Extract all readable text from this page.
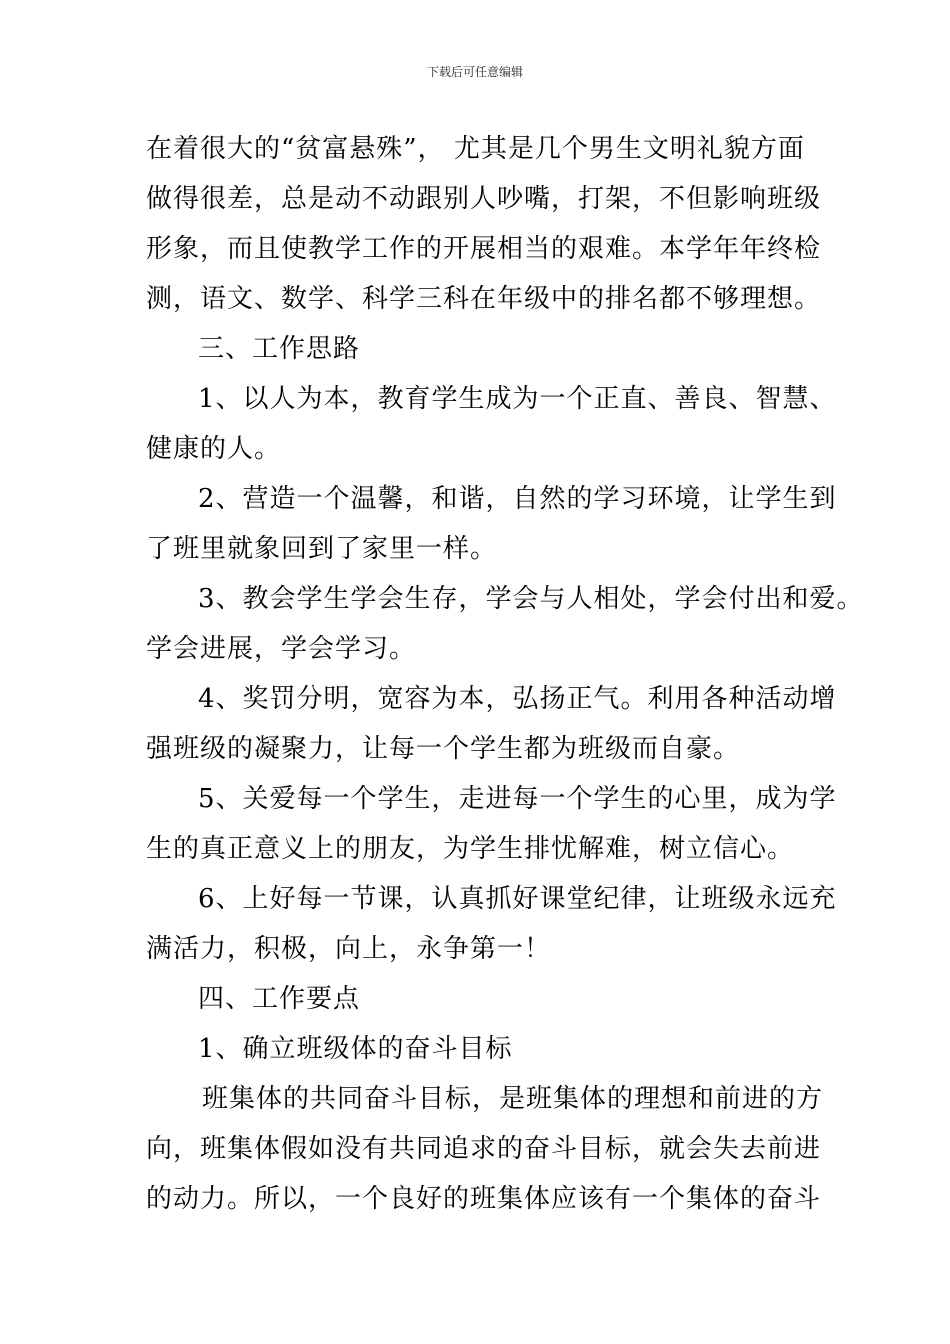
下载后可任意编辑

在着很大的“贫富悬殊”， 尤其是几个男生文明礼貌方面

做得很差，总是动不动跟别人吵嘴，打架，不但影响班级

形象，而且使教学工作的开展相当的艰难。本学年年终检

测，语文、数学、科学三科在年级中的排名都不够理想。

三、工作思路

1、以人为本，教育学生成为一个正直、善良、智慧、

健康的人。

2、营造一个温馨，和谐，自然的学习环境，让学生到

了班里就象回到了家里一样。

3、教会学生学会生存，学会与人相处，学会付出和爱。

学会进展，学会学习。

4、奖罚分明，宽容为本，弘扬正气。利用各种活动增

强班级的凝聚力，让每一个学生都为班级而自豪。

5、关爱每一个学生，走进每一个学生的心里，成为学

生的真正意义上的朋友，为学生排忧解难，树立信心。

6、上好每一节课，认真抓好课堂纪律，让班级永远充

满活力，积极，向上，永争第一！

四、工作要点

1、确立班级体的奋斗目标

班集体的共同奋斗目标，是班集体的理想和前进的方

向，班集体假如没有共同追求的奋斗目标，就会失去前进

的动力。所以，一个良好的班集体应该有一个集体的奋斗
